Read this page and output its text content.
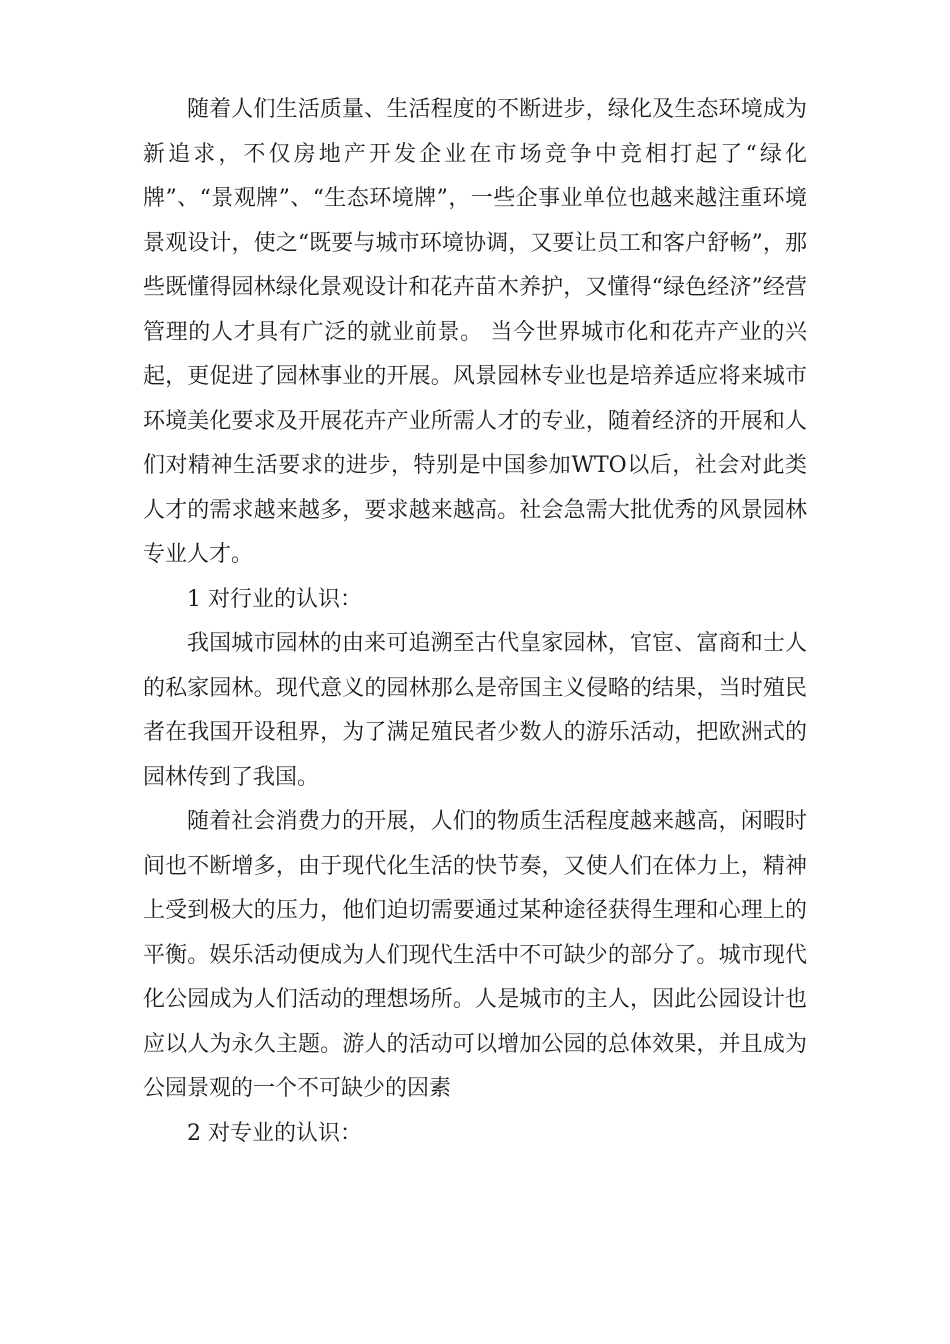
随着人们生活质量、生活程度的不断进步，绿化及生态环境成为新追求，不仅房地产开发企业在市场竞争中竞相打起了“绿化牌”、“景观牌”、“生态环境牌”，一些企事业单位也越来越注重环境景观设计，使之“既要与城市环境协调，又要让员工和客户舒畅”，那些既懂得园林绿化景观设计和花卉苗木养护，又懂得“绿色经济”经营管理的人才具有广泛的就业前景。 当今世界城市化和花卉产业的兴起，更促进了园林事业的开展。风景园林专业也是培养适应将来城市环境美化要求及开展花卉产业所需人才的专业，随着经济的开展和人们对精神生活要求的进步，特别是中国参加WTO以后，社会对此类人才的需求越来越多，要求越来越高。社会急需大批优秀的风景园林专业人才。

1 对行业的认识：

我国城市园林的由来可追溯至古代皇家园林，官宦、富商和士人的私家园林。现代意义的园林那么是帝国主义侵略的结果，当时殖民者在我国开设租界，为了满足殖民者少数人的游乐活动，把欧洲式的园林传到了我国。

随着社会消费力的开展，人们的物质生活程度越来越高，闲暇时间也不断增多，由于现代化生活的快节奏，又使人们在体力上，精神上受到极大的压力，他们迫切需要通过某种途径获得生理和心理上的平衡。娱乐活动便成为人们现代生活中不可缺少的部分了。城市现代化公园成为人们活动的理想场所。人是城市的主人，因此公园设计也应以人为永久主题。游人的活动可以增加公园的总体效果，并且成为公园景观的一个不可缺少的因素

2 对专业的认识：
